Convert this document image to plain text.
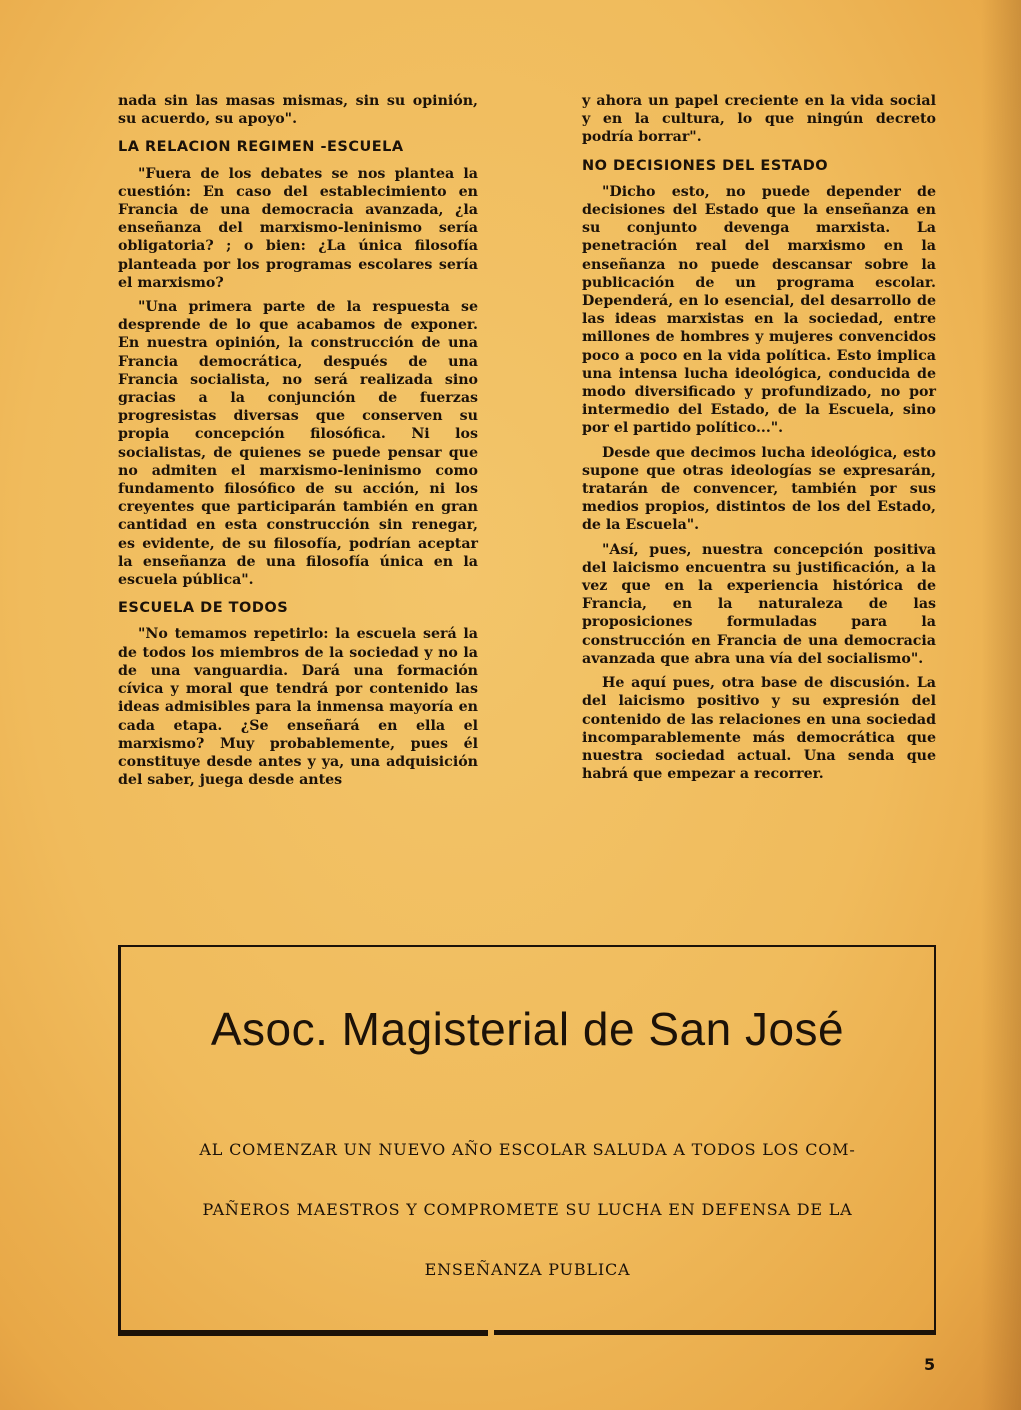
nada sin las masas mismas, sin su opinión, su acuerdo, su apoyo".

LA RELACION REGIMEN -ESCUELA

"Fuera de los debates se nos plantea la cuestión: En caso del establecimiento en Francia de una democracia avanzada, ¿la enseñanza del marxismo-leninismo sería obligatoria? ; o bien: ¿La única filosofía planteada por los programas escolares sería el marxismo?

"Una primera parte de la respuesta se desprende de lo que acabamos de exponer. En nuestra opinión, la construcción de una Francia democrática, después de una Francia socialista, no será realizada sino gracias a la conjunción de fuerzas progresistas diversas que conserven su propia concepción filosófica. Ni los socialistas, de quienes se puede pensar que no admiten el marxismo-leninismo como fundamento filosófico de su acción, ni los creyentes que participarán también en gran cantidad en esta construcción sin renegar, es evidente, de su filosofía, podrían aceptar la enseñanza de una filosofía única en la escuela pública".

ESCUELA DE TODOS

"No temamos repetirlo: la escuela será la de todos los miembros de la sociedad y no la de una vanguardia. Dará una formación cívica y moral que tendrá por contenido las ideas admisibles para la inmensa mayoría en cada etapa. ¿Se enseñará en ella el marxismo? Muy probablemente, pues él constituye desde antes y ya, una adquisición del saber, juega desde antes

y ahora un papel creciente en la vida social y en la cultura, lo que ningún decreto podría borrar".

NO DECISIONES DEL ESTADO

"Dicho esto, no puede depender de decisiones del Estado que la enseñanza en su conjunto devenga marxista. La penetración real del marxismo en la enseñanza no puede descansar sobre la publicación de un programa escolar. Dependerá, en lo esencial, del desarrollo de las ideas marxistas en la sociedad, entre millones de hombres y mujeres convencidos poco a poco en la vida política. Esto implica una intensa lucha ideológica, conducida de modo diversificado y profundizado, no por intermedio del Estado, de la Escuela, sino por el partido político...".

Desde que decimos lucha ideológica, esto supone que otras ideologías se expresarán, tratarán de convencer, también por sus medios propios, distintos de los del Estado, de la Escuela".

"Así, pues, nuestra concepción positiva del laicismo encuentra su justificación, a la vez que en la experiencia histórica de Francia, en la naturaleza de las proposiciones formuladas para la construcción en Francia de una democracia avanzada que abra una vía del socialismo".

He aquí pues, otra base de discusión. La del laicismo positivo y su expresión del contenido de las relaciones en una sociedad incomparablemente más democrática que nuestra sociedad actual. Una senda que habrá que empezar a recorrer.

Asoc. Magisterial de San José
AL COMENZAR UN NUEVO AÑO ESCOLAR SALUDA A TODOS LOS COM-
PAÑEROS MAESTROS Y COMPROMETE SU LUCHA EN DEFENSA DE LA
ENSEÑANZA PUBLICA
5
